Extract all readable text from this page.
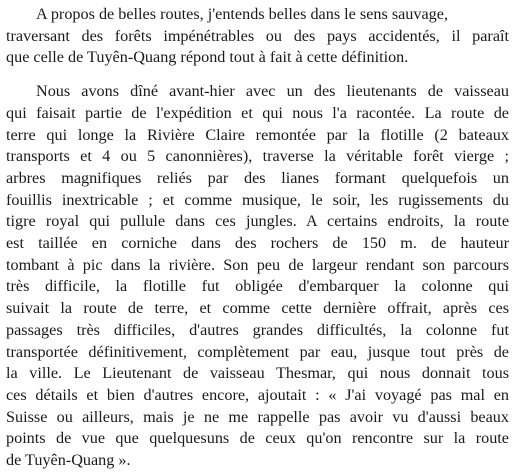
A propos de belles routes, j'entends belles dans le sens sauvage,
traversant des forêts impénétrables ou des pays accidentés, il paraît
que celle de Tuyên-Quang répond tout à fait à cette définition.
Nous avons dîné avant-hier avec un des lieutenants de vaisseau
qui faisait partie de l'expédition et qui nous l'a racontée. La route de
terre qui longe la Rivière Claire remontée par la flotille (2 bateaux
transports et 4 ou 5 canonnières), traverse la véritable forêt vierge ;
arbres magnifiques reliés par des lianes formant quelquefois un
fouillis inextricable ; et comme musique, le soir, les rugissements du
tigre royal qui pullule dans ces jungles. A certains endroits, la route
est taillée en corniche dans des rochers de 150 m. de hauteur
tombant à pic dans la rivière. Son peu de largeur rendant son parcours
très difficile, la flotille fut obligée d'embarquer la colonne qui
suivait la route de terre, et comme cette dernière offrait, après ces
passages très difficiles, d'autres grandes difficultés, la colonne fut
transportée définitivement, complètement par eau, jusque tout près de
la ville. Le Lieutenant de vaisseau Thesmar, qui nous donnait tous
ces détails et bien d'autres encore, ajoutait : « J'ai voyagé pas mal en
Suisse ou ailleurs, mais je ne me rappelle pas avoir vu d'aussi beaux
points de vue que quelquesuns de ceux qu'on rencontre sur la route
de Tuyên-Quang ».
